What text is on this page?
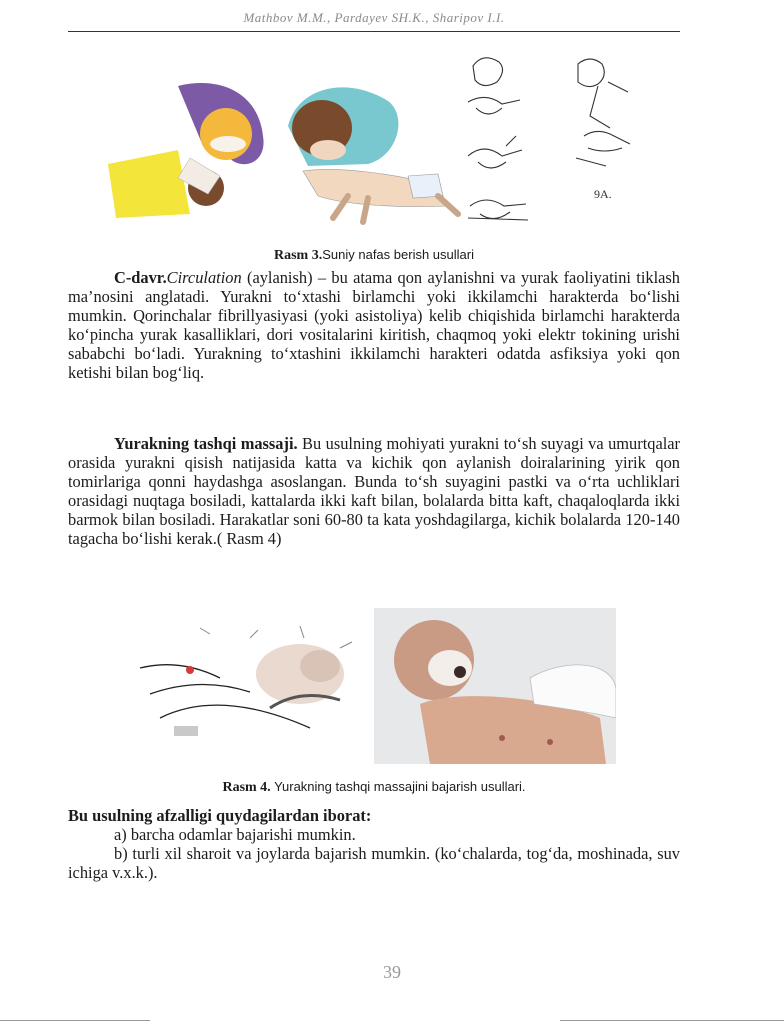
Mathbov M.M., Pardayev SH.K., Sharipov I.I.
9А.
Rasm 3.Suniy nafas berish usullari

C-davr.Circulation (aylanish) – bu atama qon aylanishni va yurak faoliyatini tiklash ma’nosini anglatadi. Yurakni to‘xtashi birlamchi yoki ikkilamchi harakterda bo‘lishi mumkin. Qorinchalar fibrillyasiyasi (yoki asistoliya) kelib chiqishida birlamchi harakterda ko‘pincha yurak kasalliklari, dori vositalarini kiritish, chaqmoq yoki elektr tokining urishi sababchi bo‘ladi. Yurakning to‘xtashini ikkilamchi harakteri odatda asfiksiya yoki qon ketishi bilan bog‘liq.

Yurakning tashqi massaji. Bu usulning mohiyati yurakni to‘sh suyagi va umurtqalar orasida yurakni qisish natijasida katta va kichik qon aylanish doiralarining yirik qon tomirlariga qonni haydashga asoslangan. Bunda to‘sh suyagini pastki va o‘rta uchliklari orasidagi nuqtaga bosiladi, kattalarda ikki kaft bilan, bolalarda bitta kaft, chaqaloqlarda ikki barmok bilan bosiladi. Harakatlar soni 60-80 ta kata yoshdagilarga, kichik bolalarda 120-140 tagacha bo‘lishi kerak.( Rasm 4)

Rasm 4. Yurakning tashqi massajini bajarish usullari.

Bu usulning afzalligi quydagilardan iborat:

a) barcha odamlar bajarishi mumkin.

b) turli xil sharoit va joylarda bajarish mumkin. (ko‘chalarda, tog‘da, moshinada, suv ichiga v.x.k.).

39
